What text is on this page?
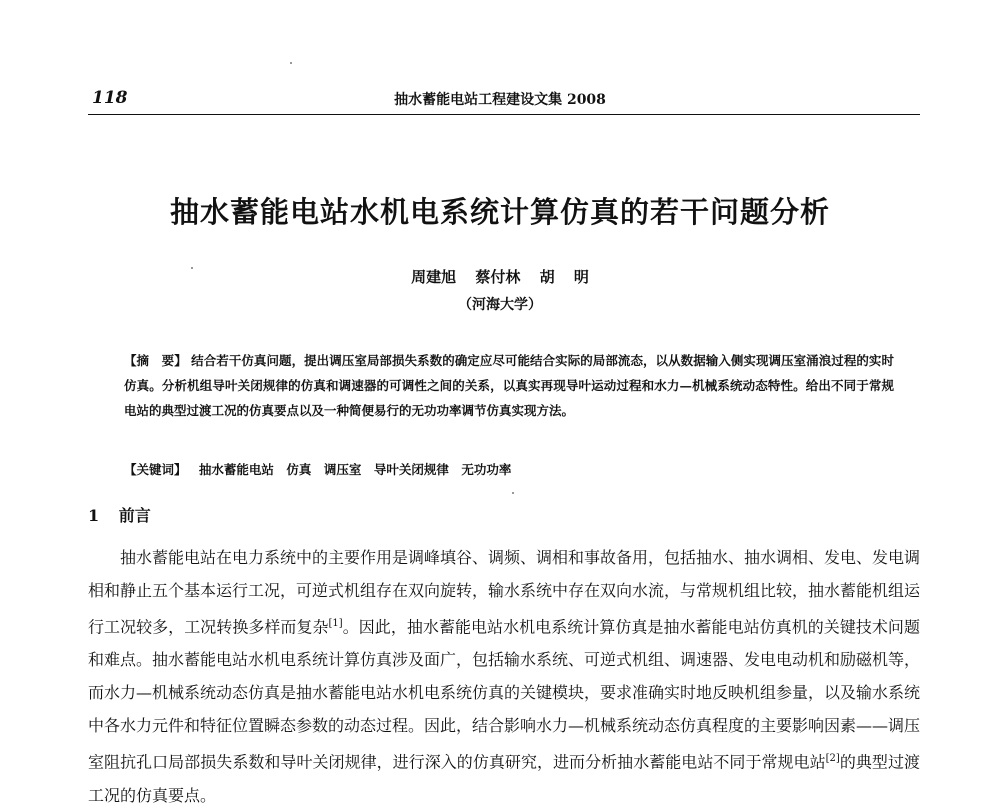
118	抽水蓄能电站工程建设文集 2008
抽水蓄能电站水机电系统计算仿真的若干问题分析
周建旭 蔡付林 胡 明
（河海大学）
【摘　要】 结合若干仿真问题，提出调压室局部损失系数的确定应尽可能结合实际的局部流态，以从数据输入侧实现调压室涌浪过程的实时仿真。分析机组导叶关闭规律的仿真和调速器的可调性之间的关系，以真实再现导叶运动过程和水力—机械系统动态特性。给出不同于常规电站的典型过渡工况的仿真要点以及一种简便易行的无功功率调节仿真实现方法。
【关键词】 抽水蓄能电站　仿真　调压室　导叶关闭规律　无功功率
1 前言
抽水蓄能电站在电力系统中的主要作用是调峰填谷、调频、调相和事故备用，包括抽水、抽水调相、发电、发电调相和静止五个基本运行工况，可逆式机组存在双向旋转，输水系统中存在双向水流，与常规机组比较，抽水蓄能机组运行工况较多，工况转换多样而复杂[1]。因此，抽水蓄能电站水机电系统计算仿真是抽水蓄能电站仿真机的关键技术问题和难点。抽水蓄能电站水机电系统计算仿真涉及面广，包括输水系统、可逆式机组、调速器、发电电动机和励磁机等，而水力—机械系统动态仿真是抽水蓄能电站水机电系统仿真的关键模块，要求准确实时地反映机组参量，以及输水系统中各水力元件和特征位置瞬态参数的动态过程。因此，结合影响水力—机械系统动态仿真程度的主要影响因素——调压室阻抗孔口局部损失系数和导叶关闭规律，进行深入的仿真研究，进而分析抽水蓄能电站不同于常规电站[2]的典型过渡工况的仿真要点。
